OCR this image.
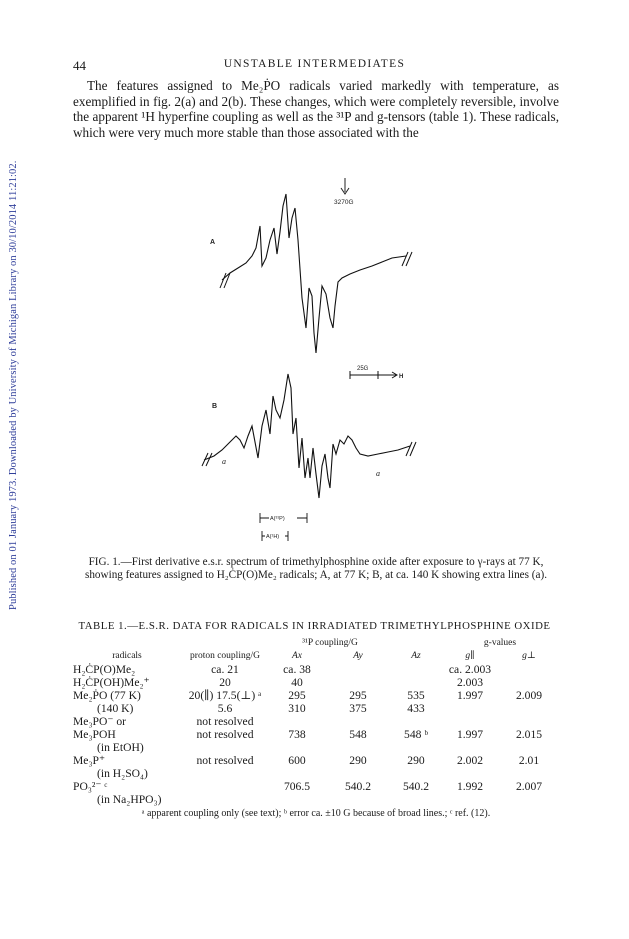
Published on 01 January 1973. Downloaded by University of Michigan Library on 30/10/2014 11:21:02.
44	UNSTABLE INTERMEDIATES

The features assigned to Me₂ṖO radicals varied markedly with temperature, as exemplified in fig. 2(a) and 2(b). These changes, which were completely reversible, involve the apparent ¹H hyperfine coupling as well as the ³¹P and g-tensors (table 1). These radicals, which were very much more stable than those associated with the

3270G
A
25G
H
B
a
a
A(³¹P)
A(¹H)
FIG. 1.—First derivative e.s.r. spectrum of trimethylphosphine oxide after exposure to γ-rays at 77 K, showing features assigned to H₂ĊP(O)Me₂ radicals; A, at 77 K; B, at ca. 140 K showing extra lines (a).
TABLE 1.—E.S.R. DATA FOR RADICALS IN IRRADIATED TRIMETHYLPHOSPHINE OXIDE
		³¹P coupling/G			g-values	
radicals	proton coupling/G	Ax	Ay	Az	g∥	g⊥
H₂ĊP(O)Me₂	ca. 21	ca. 38			ca. 2.003	
H₂ĊP(OH)Me₂⁺	20	40			2.003	
Me₂ṖO (77 K)	20(∥) 17.5(⊥) ᵃ	295	295	535	1.997	2.009
(140 K)	5.6	310	375	433		
Me₃PO⁻ or	not resolved					
Me₃POH	not resolved	738	548	548 ᵇ	1.997	2.015
(in EtOH)						
Me₃P⁺	not resolved	600	290	290	2.002	2.01
(in H₂SO₄)						
PO₃²⁻ ᶜ		706.5	540.2	540.2	1.992	2.007
(in Na₂HPO₃)						
ᵃ apparent coupling only (see text); ᵇ error ca. ±10 G because of broad lines.; ᶜ ref. (12).
